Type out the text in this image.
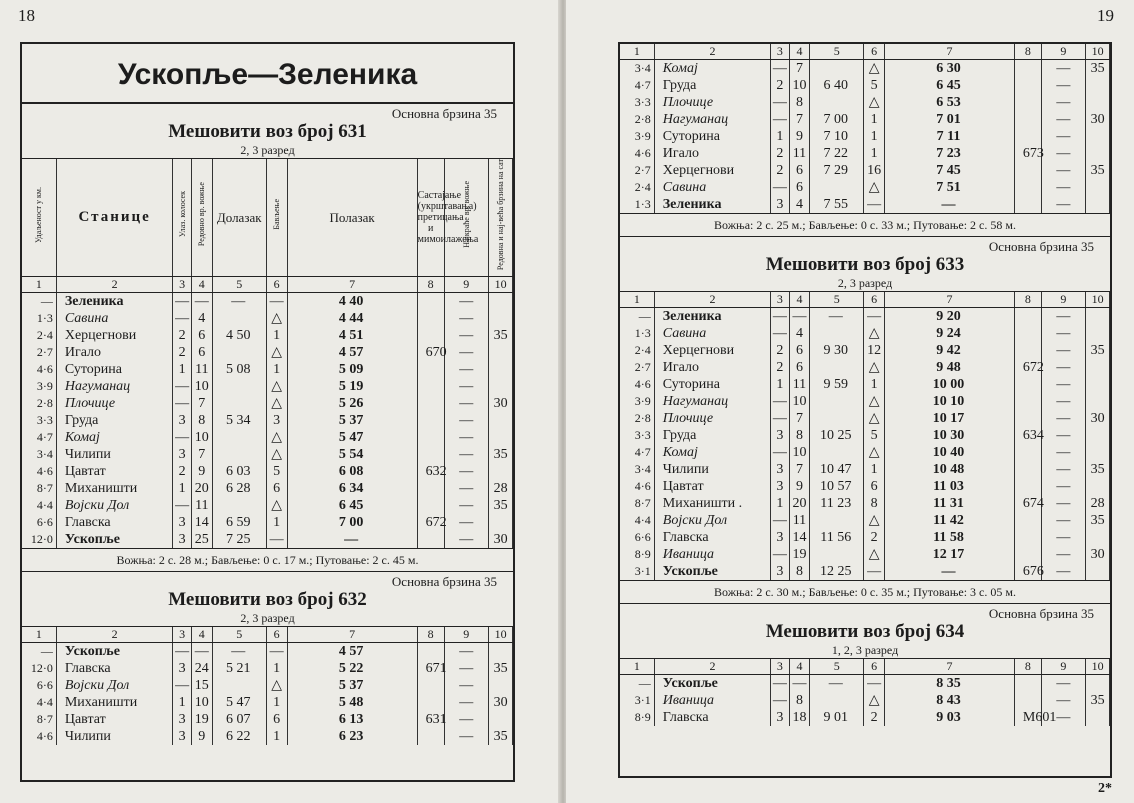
18
Ускопље—Зеленика
Основна брзина 35
Мешовити воз број 631
2, 3 разред
Удаљеност у км.	Станице	Улаз. колосек	Редовно вр. вожње	Долазак	Бављење	Полазак	Састајање (укрштавања) претицања и мимоилажења	Најкраће вр. вожње	Редовна и нај-већа брзина на сат	
1	2	3	4	5	6	7	8	9	10	
—	Зеленика	—	—	—	—	4 40		—		
1·3	Савина	—	4		△	4 44		—		
2·4	Херцегнови	2	6	4 50	1	4 51		—	35	
2·7	Игало	2	6		△	4 57	670	—		
4·6	Суторина	1	11	5 08	1	5 09		—		
3·9	Нагуманац	—	10		△	5 19		—		
2·8	Плочице	—	7		△	5 26		—	30	
3·3	Груда	3	8	5 34	3	5 37		—		
4·7	Комај	—	10		△	5 47		—		
3·4	Чилипи	3	7		△	5 54		—	35	
4·6	Цавтат	2	9	6 03	5	6 08	632	—		
8·7	Миханишти	1	20	6 28	6	6 34		—	28	
4·4	Војски Дол	—	11		△	6 45		—	35	
6·6	Главска	3	14	6 59	1	7 00	672	—		
12·0	Ускопље	3	25	7 25	—	—		—	30	
Вожња: 2 с. 28 м.; Бављење: 0 с. 17 м.; Путовање: 2 с. 45 м.
Основна брзина 35
Мешовити воз број 632
2, 3 разред
1	2	3	4	5	6	7	8	9	10	
—	Ускопље	—	—	—	—	4 57		—		
12·0	Главска	3	24	5 21	1	5 22	671	—	35	
6·6	Војски Дол	—	15		△	5 37		—		
4·4	Миханишти	1	10	5 47	1	5 48		—	30	
8·7	Цавтат	3	19	6 07	6	6 13	631	—		
4·6	Чилипи	3	9	6 22	1	6 23		—	35	
19
1	2	3	4	5	6	7	8	9	10	
3·4	Комај	—	7		△	6 30		—	35	
4·7	Груда	2	10	6 40	5	6 45		—		
3·3	Плочице	—	8		△	6 53		—		
2·8	Нагуманац	—	7	7 00	1	7 01		—	30	
3·9	Суторина	1	9	7 10	1	7 11		—		
4·6	Игало	2	11	7 22	1	7 23	673	—		
2·7	Херцегнови	2	6	7 29	16	7 45		—	35	
2·4	Савина	—	6		△	7 51		—		
1·3	Зеленика	3	4	7 55	—	—		—		
Вожња: 2 с. 25 м.; Бављење: 0 с. 33 м.; Путовање: 2 с. 58 м.
Основна брзина 35
Мешовити воз број 633
2, 3 разред
1	2	3	4	5	6	7	8	9	10	
—	Зеленика	—	—	—	—	9 20		—		
1·3	Савина	—	4		△	9 24		—		
2·4	Херцегнови	2	6	9 30	12	9 42		—	35	
2·7	Игало	2	6		△	9 48	672	—		
4·6	Суторина	1	11	9 59	1	10 00		—		
3·9	Нагуманац	—	10		△	10 10		—		
2·8	Плочице	—	7		△	10 17		—	30	
3·3	Груда	3	8	10 25	5	10 30	634	—		
4·7	Комај	—	10		△	10 40		—		
3·4	Чилипи	3	7	10 47	1	10 48		—	35	
4·6	Цавтат	3	9	10 57	6	11 03		—		
8·7	Миханишти .	1	20	11 23	8	11 31	674	—	28	
4·4	Војски Дол	—	11		△	11 42		—	35	
6·6	Главска	3	14	11 56	2	11 58		—		
8·9	Иваница	—	19		△	12 17		—	30	
3·1	Ускопље	3	8	12 25	—	—	676	—		
Вожња: 2 с. 30 м.; Бављење: 0 с. 35 м.; Путовање: 3 с. 05 м.
Основна брзина 35
Мешовити воз број 634
1, 2, 3 разред
1	2	3	4	5	6	7	8	9	10	
—	Ускопље	—	—	—	—	8 35		—		
3·1	Иваница	—	8		△	8 43		—	35	
8·9	Главска	3	18	9 01	2	9 03	М601	—		
2*
